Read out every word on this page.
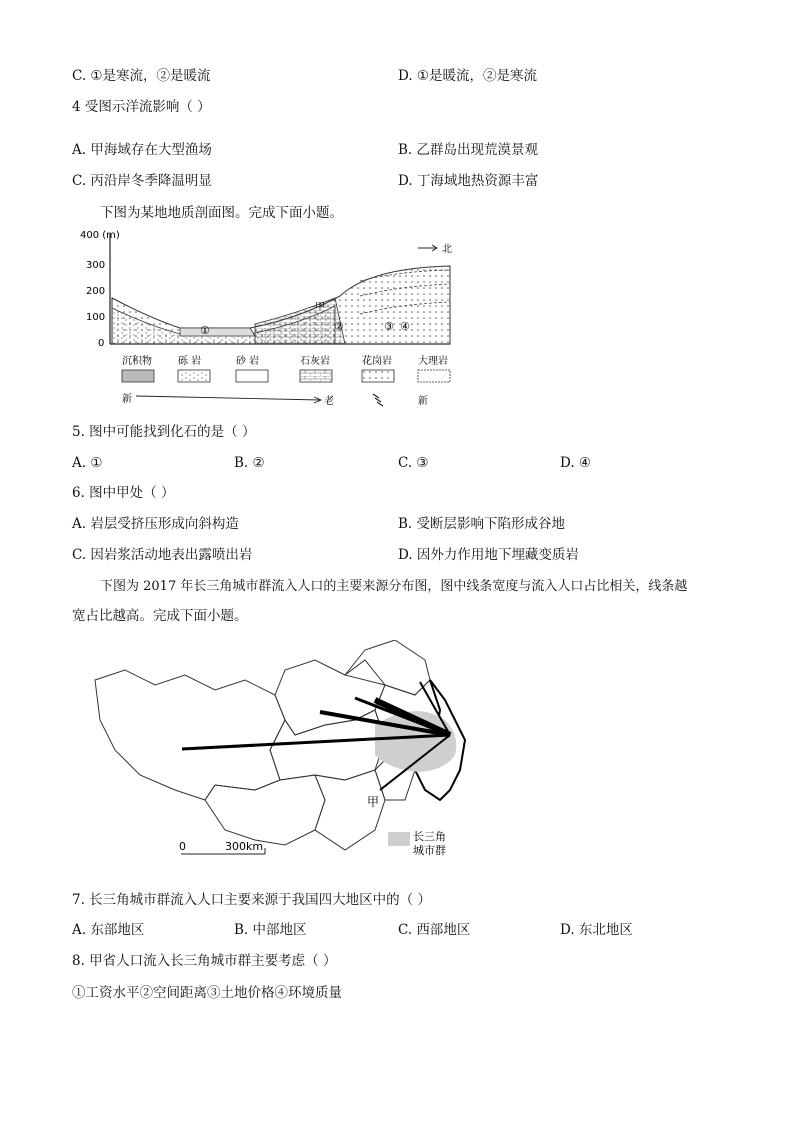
C. ①是寒流，②是暖流	D. ①是暖流，②是寒流
4 受图示洋流影响（ ）
A. 甲海域存在大型渔场	B. 乙群岛出现荒漠景观
C. 丙沿岸冬季降温明显	D. 丁海域地热资源丰富
下图为某地地质剖面图。完成下面小题。
400 (m)
300
200
100
0
北
甲
①	②	③ ④
沉积物	砾 岩	砂 岩	石灰岩	花岗岩	大理岩
新	老	新
5. 图中可能找到化石的是（ ）
A. ①	B. ②	C. ③	D. ④
6. 图中甲处（ ）
A. 岩层受挤压形成向斜构造	B. 受断层影响下陷形成谷地
C. 因岩浆活动地表出露喷出岩	D. 因外力作用地下埋藏变质岩
下图为 2017 年长三角城市群流入人口的主要来源分布图，图中线条宽度与流入人口占比相关，线条越
宽占比越高。完成下面小题。
甲
0	300km
长三角
城市群
7. 长三角城市群流入人口主要来源于我国四大地区中的（ ）
A. 东部地区	B. 中部地区	C. 西部地区	D. 东北地区
8. 甲省人口流入长三角城市群主要考虑（ ）
①工资水平②空间距离③土地价格④环境质量
